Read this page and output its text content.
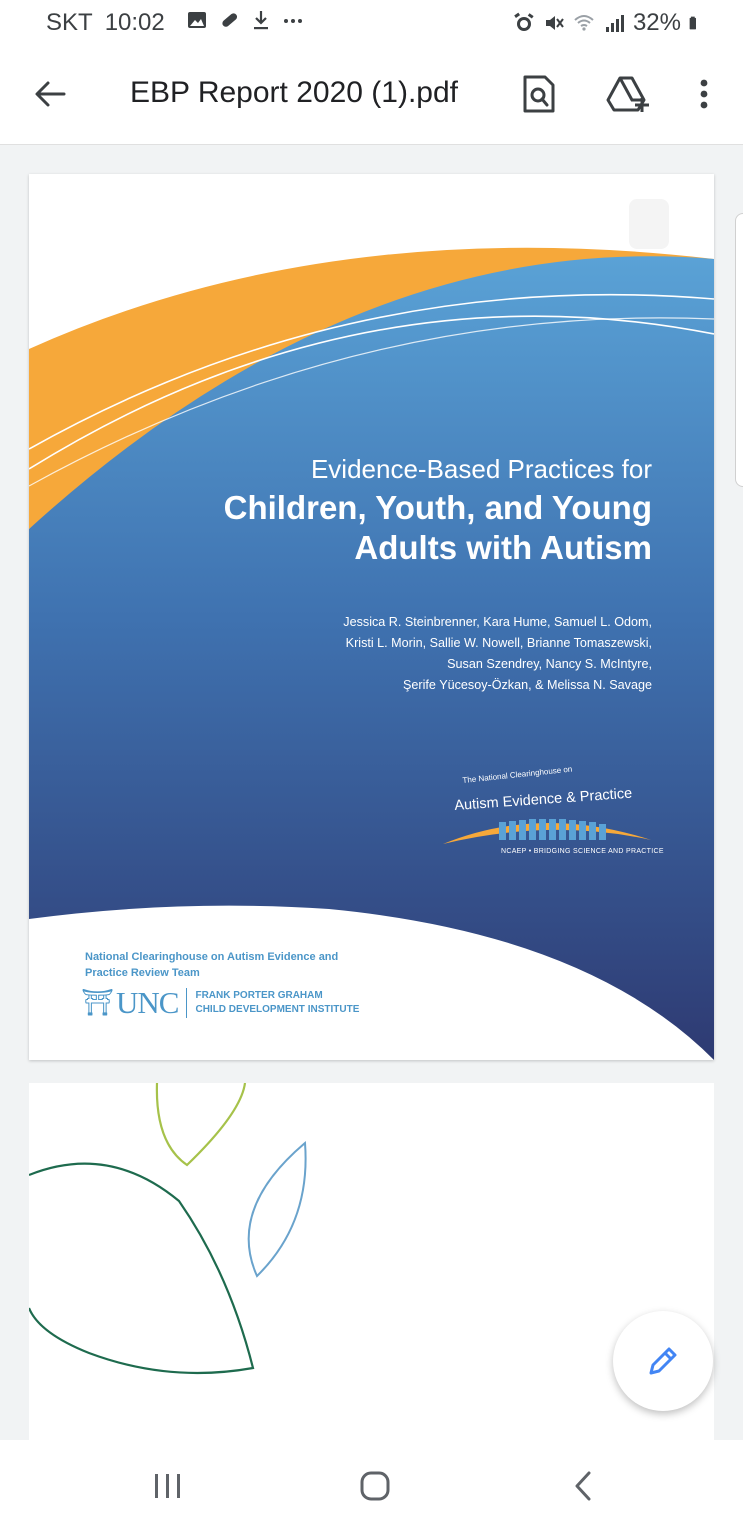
SKT 10:02	32%
EBP Report 2020 (1).pdf
Evidence-Based Practices for
Children, Youth, and Young Adults with Autism
Jessica R. Steinbrenner, Kara Hume, Samuel L. Odom,
Kristi L. Morin, Sallie W. Nowell, Brianne Tomaszewski,
Susan Szendrey, Nancy S. McIntyre,
Şerife Yücesoy-Özkan, & Melissa N. Savage
The National Clearinghouse on
Autism Evidence & Practice
NCAEP • BRIDGING SCIENCE AND PRACTICE
National Clearinghouse on Autism Evidence and Practice Review Team
⛩ UNC FRANK PORTER GRAHAM
CHILD DEVELOPMENT INSTITUTE
